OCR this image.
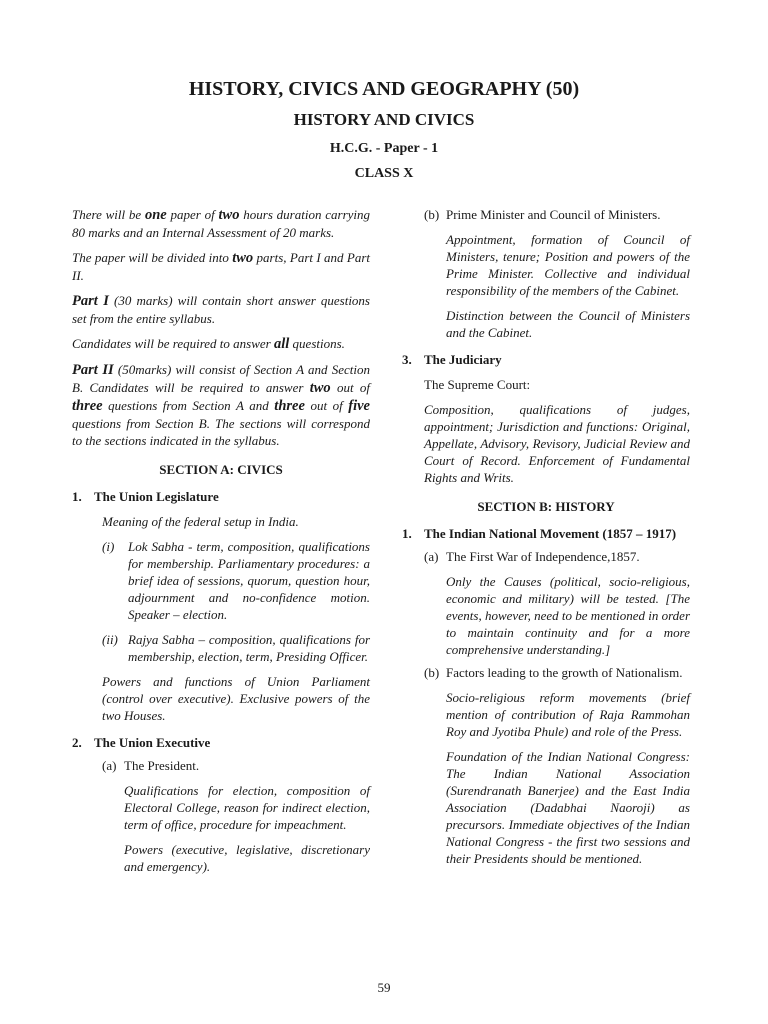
HISTORY, CIVICS AND GEOGRAPHY (50)
HISTORY AND CIVICS
H.C.G. - Paper - 1
CLASS X

There will be one paper of two hours duration carrying 80 marks and an Internal Assessment of 20 marks.

The paper will be divided into two parts, Part I and Part II.

Part I (30 marks) will contain short answer questions set from the entire syllabus.

Candidates will be required to answer all questions.

Part II (50marks) will consist of Section A and Section B. Candidates will be required to answer two out of three questions from Section A and three out of five questions from Section B. The sections will correspond to the sections indicated in the syllabus.

SECTION A: CIVICS

1. The Union Legislature

Meaning of the federal setup in India.

(i)	Lok Sabha - term, composition, qualifications for membership. Parliamentary procedures: a brief idea of sessions, quorum, question hour, adjournment and no-confidence motion. Speaker – election.
(ii) Rajya Sabha – composition, qualifications for membership, election, term, Presiding Officer.

Powers and functions of Union Parliament (control over executive). Exclusive powers of the two Houses.

2. The Union Executive
(a) The President.

Qualifications for election, composition of Electoral College, reason for indirect election, term of office, procedure for impeachment.

Powers (executive, legislative, discretionary and emergency).

(b) Prime Minister and Council of Ministers.

Appointment, formation of Council of Ministers, tenure; Position and powers of the Prime Minister. Collective and individual responsibility of the members of the Cabinet.

Distinction between the Council of Ministers and the Cabinet.

3. The Judiciary

The Supreme Court:

Composition, qualifications of judges, appointment; Jurisdiction and functions: Original, Appellate, Advisory, Revisory, Judicial Review and Court of Record. Enforcement of Fundamental Rights and Writs.

SECTION B: HISTORY

1. The Indian National Movement (1857 – 1917)
(a) The First War of Independence,1857.

Only the Causes (political, socio-religious, economic and military) will be tested. [The events, however, need to be mentioned in order to maintain continuity and for a more comprehensive understanding.]

(b) Factors leading to the growth of Nationalism.

Socio-religious reform movements (brief mention of contribution of Raja Rammohan Roy and Jyotiba Phule) and role of the Press.

Foundation of the Indian National Congress: The Indian National Association (Surendranath Banerjee) and the East India Association (Dadabhai Naoroji) as precursors. Immediate objectives of the Indian National Congress - the first two sessions and their Presidents should be mentioned.

59
